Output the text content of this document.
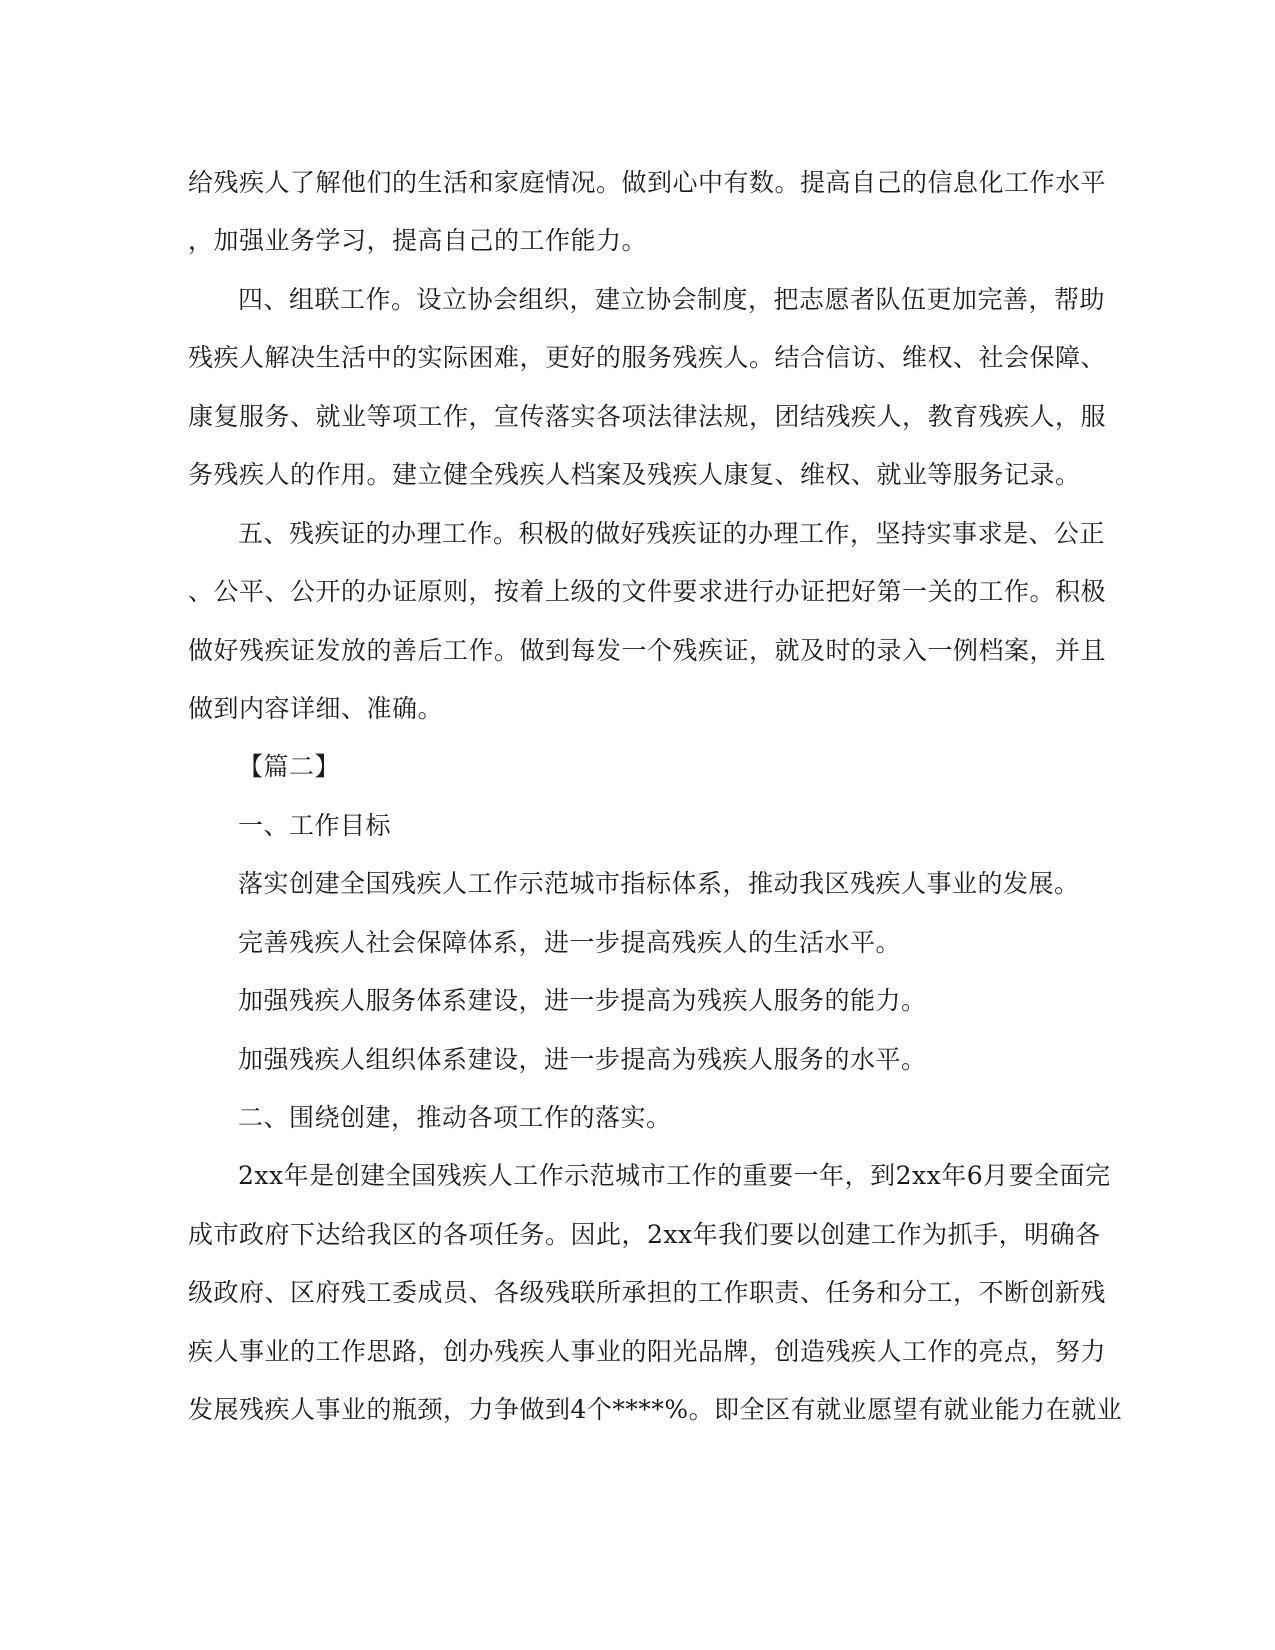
给残疾人了解他们的生活和家庭情况。做到心中有数。提高自己的信息化工作水平
，加强业务学习，提高自己的工作能力。
四、组联工作。设立协会组织，建立协会制度，把志愿者队伍更加完善，帮助
残疾人解决生活中的实际困难，更好的服务残疾人。结合信访、维权、社会保障、
康复服务、就业等项工作，宣传落实各项法律法规，团结残疾人，教育残疾人，服
务残疾人的作用。建立健全残疾人档案及残疾人康复、维权、就业等服务记录。
五、残疾证的办理工作。积极的做好残疾证的办理工作，坚持实事求是、公正
、公平、公开的办证原则，按着上级的文件要求进行办证把好第一关的工作。积极
做好残疾证发放的善后工作。做到每发一个残疾证，就及时的录入一例档案，并且
做到内容详细、准确。
【篇二】
一、工作目标
落实创建全国残疾人工作示范城市指标体系，推动我区残疾人事业的发展。
完善残疾人社会保障体系，进一步提高残疾人的生活水平。
加强残疾人服务体系建设，进一步提高为残疾人服务的能力。
加强残疾人组织体系建设，进一步提高为残疾人服务的水平。
二、围绕创建，推动各项工作的落实。
2xx年是创建全国残疾人工作示范城市工作的重要一年，到2xx年6月要全面完
成市政府下达给我区的各项任务。因此，2xx年我们要以创建工作为抓手，明确各
级政府、区府残工委成员、各级残联所承担的工作职责、任务和分工，不断创新残
疾人事业的工作思路，创办残疾人事业的阳光品牌，创造残疾人工作的亮点，努力
发展残疾人事业的瓶颈，力争做到4个****%。即全区有就业愿望有就业能力在就业
